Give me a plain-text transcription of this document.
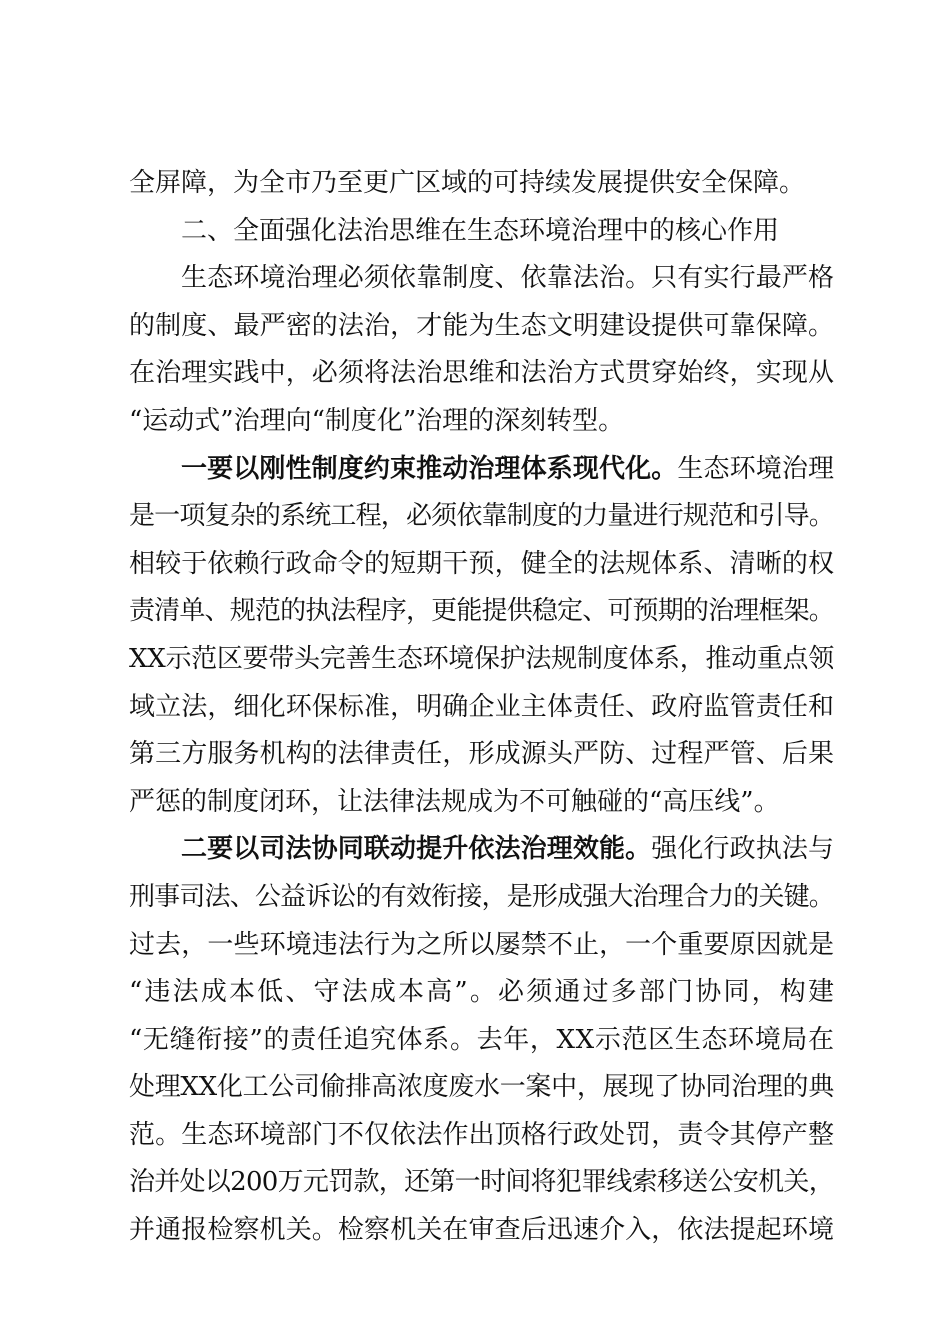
全屏障，为全市乃至更广区域的可持续发展提供安全保障。
二、全面强化法治思维在生态环境治理中的核心作用
生态环境治理必须依靠制度、依靠法治。只有实行最严格
的制度、最严密的法治，才能为生态文明建设提供可靠保障。
在治理实践中，必须将法治思维和法治方式贯穿始终，实现从
“运动式”治理向“制度化”治理的深刻转型。
一要以刚性制度约束推动治理体系现代化。生态环境治理
是一项复杂的系统工程，必须依靠制度的力量进行规范和引导。
相较于依赖行政命令的短期干预，健全的法规体系、清晰的权
责清单、规范的执法程序，更能提供稳定、可预期的治理框架。
XX示范区要带头完善生态环境保护法规制度体系，推动重点领
域立法，细化环保标准，明确企业主体责任、政府监管责任和
第三方服务机构的法律责任，形成源头严防、过程严管、后果
严惩的制度闭环，让法律法规成为不可触碰的“高压线”。
二要以司法协同联动提升依法治理效能。强化行政执法与
刑事司法、公益诉讼的有效衔接，是形成强大治理合力的关键。
过去，一些环境违法行为之所以屡禁不止，一个重要原因就是
“违法成本低、守法成本高”。必须通过多部门协同，构建
“无缝衔接”的责任追究体系。去年，XX示范区生态环境局在
处理XX化工公司偷排高浓度废水一案中，展现了协同治理的典
范。生态环境部门不仅依法作出顶格行政处罚，责令其停产整
治并处以200万元罚款，还第一时间将犯罪线索移送公安机关，
并通报检察机关。检察机关在审查后迅速介入，依法提起环境
